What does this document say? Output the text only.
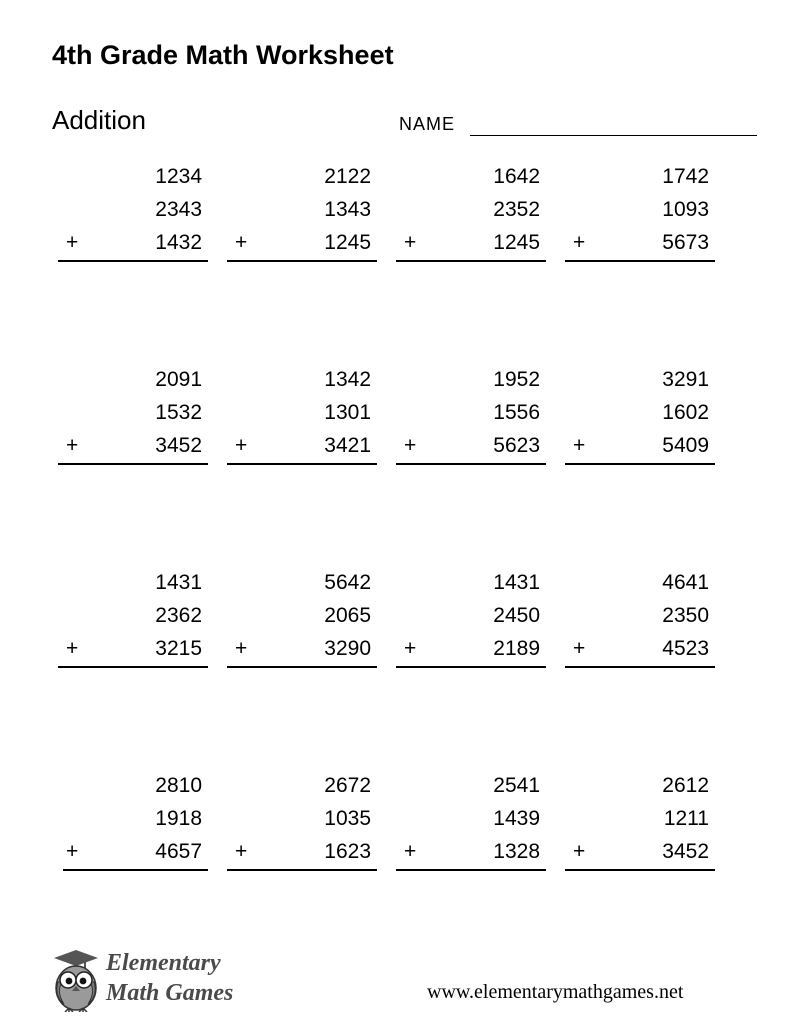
4th Grade Math Worksheet
Addition	NAME
1234
2343
+	1432
2122
1343
+	1245
1642
2352
+	1245
1742
1093
+	5673
2091
1532
+	3452
1342
1301
+	3421
1952
1556
+	5623
3291
1602
+	5409
1431
2362
+	3215
5642
2065
+	3290
1431
2450
+	2189
4641
2350
+	4523
2810
1918
+	4657
2672
1035
+	1623
2541
1439
+	1328
2612
1211
+	3452
Elementary
Math Games	www.elementarymathgames.net
